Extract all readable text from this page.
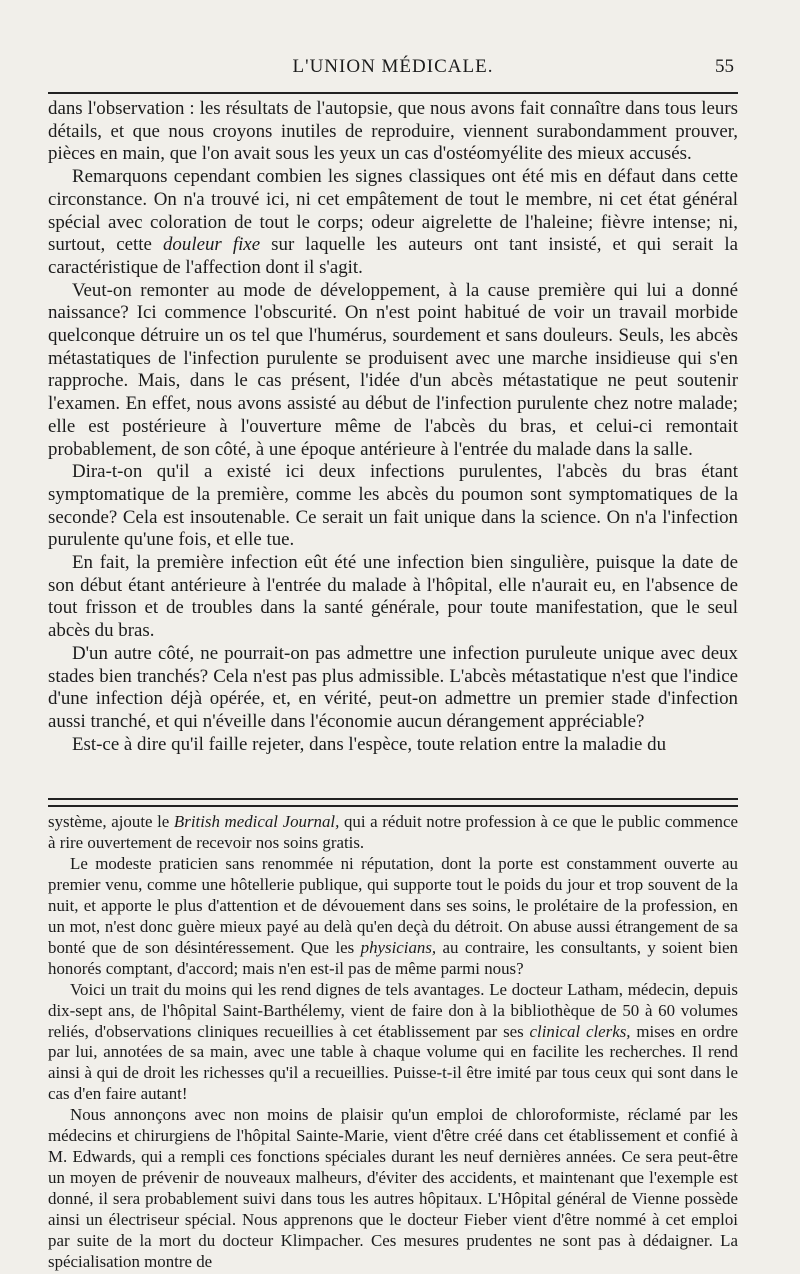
L'UNION MÉDICALE.	55

dans l'observation : les résultats de l'autopsie, que nous avons fait connaître dans tous leurs détails, et que nous croyons inutiles de reproduire, viennent surabondamment prouver, pièces en main, que l'on avait sous les yeux un cas d'ostéomyélite des mieux accusés.

Remarquons cependant combien les signes classiques ont été mis en défaut dans cette circonstance. On n'a trouvé ici, ni cet empâtement de tout le membre, ni cet état général spécial avec coloration de tout le corps; odeur aigrelette de l'haleine; fièvre intense; ni, surtout, cette douleur fixe sur laquelle les auteurs ont tant insisté, et qui serait la caractéristique de l'affection dont il s'agit.

Veut-on remonter au mode de développement, à la cause première qui lui a donné naissance? Ici commence l'obscurité. On n'est point habitué de voir un travail morbide quelconque détruire un os tel que l'humérus, sourdement et sans douleurs. Seuls, les abcès métastatiques de l'infection purulente se produisent avec une marche insidieuse qui s'en rapproche. Mais, dans le cas présent, l'idée d'un abcès métastatique ne peut soutenir l'examen. En effet, nous avons assisté au début de l'infection purulente chez notre malade; elle est postérieure à l'ouverture même de l'abcès du bras, et celui-ci remontait probablement, de son côté, à une époque antérieure à l'entrée du malade dans la salle.

Dira-t-on qu'il a existé ici deux infections purulentes, l'abcès du bras étant symptomatique de la première, comme les abcès du poumon sont symptomatiques de la seconde? Cela est insoutenable. Ce serait un fait unique dans la science. On n'a l'infection purulente qu'une fois, et elle tue.

En fait, la première infection eût été une infection bien singulière, puisque la date de son début étant antérieure à l'entrée du malade à l'hôpital, elle n'aurait eu, en l'absence de tout frisson et de troubles dans la santé générale, pour toute manifestation, que le seul abcès du bras.

D'un autre côté, ne pourrait-on pas admettre une infection puruleute unique avec deux stades bien tranchés? Cela n'est pas plus admissible. L'abcès métastatique n'est que l'indice d'une infection déjà opérée, et, en vérité, peut-on admettre un premier stade d'infection aussi tranché, et qui n'éveille dans l'économie aucun dérangement appréciable?

Est-ce à dire qu'il faille rejeter, dans l'espèce, toute relation entre la maladie du

système, ajoute le British medical Journal, qui a réduit notre profession à ce que le public commence à rire ouvertement de recevoir nos soins gratis.

Le modeste praticien sans renommée ni réputation, dont la porte est constamment ouverte au premier venu, comme une hôtellerie publique, qui supporte tout le poids du jour et trop souvent de la nuit, et apporte le plus d'attention et de dévouement dans ses soins, le prolétaire de la profession, en un mot, n'est donc guère mieux payé au delà qu'en deçà du détroit. On abuse aussi étrangement de sa bonté que de son désintéressement. Que les physicians, au contraire, les consultants, y soient bien honorés comptant, d'accord; mais n'en est-il pas de même parmi nous?

Voici un trait du moins qui les rend dignes de tels avantages. Le docteur Latham, médecin, depuis dix-sept ans, de l'hôpital Saint-Barthélemy, vient de faire don à la bibliothèque de 50 à 60 volumes reliés, d'observations cliniques recueillies à cet établissement par ses clinical clerks, mises en ordre par lui, annotées de sa main, avec une table à chaque volume qui en facilite les recherches. Il rend ainsi à qui de droit les richesses qu'il a recueillies. Puisse-t-il être imité par tous ceux qui sont dans le cas d'en faire autant!

Nous annonçons avec non moins de plaisir qu'un emploi de chloroformiste, réclamé par les médecins et chirurgiens de l'hôpital Sainte-Marie, vient d'être créé dans cet établissement et confié à M. Edwards, qui a rempli ces fonctions spéciales durant les neuf dernières années. Ce sera peut-être un moyen de prévenir de nouveaux malheurs, d'éviter des accidents, et maintenant que l'exemple est donné, il sera probablement suivi dans tous les autres hôpitaux. L'Hôpital général de Vienne possède ainsi un électriseur spécial. Nous apprenons que le docteur Fieber vient d'être nommé à cet emploi par suite de la mort du docteur Klimpacher. Ces mesures prudentes ne sont pas à dédaigner. La spécialisation montre de
